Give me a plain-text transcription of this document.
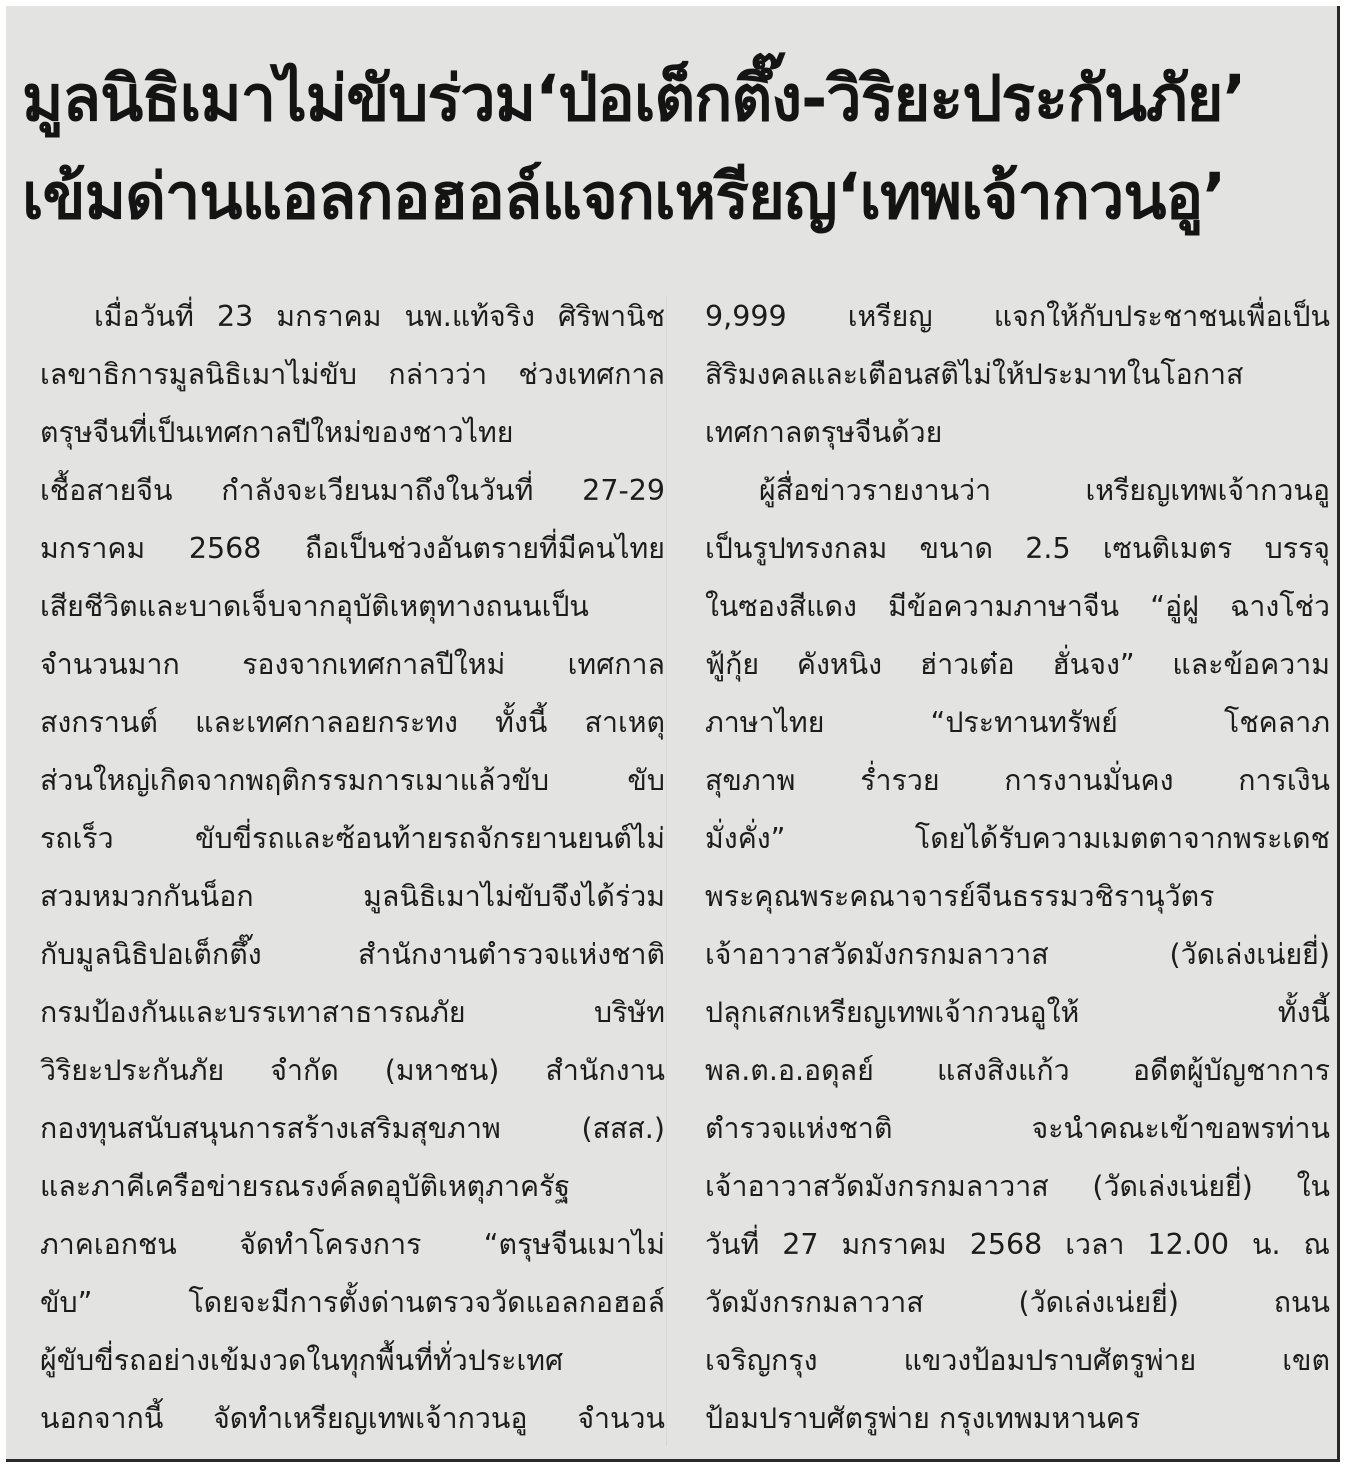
มูลนิธิเมาไม่ขับร่วม‘ป่อเต็กตึ๊ง-วิริยะประกันภัย’
เข้มด่านแอลกอฮอล์แจกเหรียญ‘เทพเจ้ากวนอู’
เมื่อวันที่ 23 มกราคม นพ.แท้จริง ศิริพานิช
เลขาธิการมูลนิธิเมาไม่ขับ กล่าวว่า ช่วงเทศกาล
ตรุษจีนที่เป็นเทศกาลปีใหม่ของชาวไทย
เชื้อสายจีน กำลังจะเวียนมาถึงในวันที่ 27-29
มกราคม 2568 ถือเป็นช่วงอันตรายที่มีคนไทย
เสียชีวิตและบาดเจ็บจากอุบัติเหตุทางถนนเป็น
จำนวนมาก รองจากเทศกาลปีใหม่ เทศกาล
สงกรานต์ และเทศกาลอยกระทง ทั้งนี้ สาเหตุ
ส่วนใหญ่เกิดจากพฤติกรรมการเมาแล้วขับ ขับ
รถเร็ว ขับขี่รถและซ้อนท้ายรถจักรยานยนต์ไม่
สวมหมวกกันน็อก มูลนิธิเมาไม่ขับจึงได้ร่วม
กับมูลนิธิปอเต็กตึ๊ง สำนักงานตำรวจแห่งชาติ
กรมป้องกันและบรรเทาสาธารณภัย บริษัท
วิริยะประกันภัย จำกัด (มหาชน) สำนักงาน
กองทุนสนับสนุนการสร้างเสริมสุขภาพ (สสส.)
และภาคีเครือข่ายรณรงค์ลดอุบัติเหตุภาครัฐ
ภาคเอกชน จัดทำโครงการ “ตรุษจีนเมาไม่
ขับ” โดยจะมีการตั้งด่านตรวจวัดแอลกอฮอล์
ผู้ขับขี่รถอย่างเข้มงวดในทุกพื้นที่ทั่วประเทศ
นอกจากนี้ จัดทำเหรียญเทพเจ้ากวนอู จำนวน
9,999 เหรียญ แจกให้กับประชาชนเพื่อเป็น
สิริมงคลและเตือนสติไม่ให้ประมาทในโอกาส
เทศกาลตรุษจีนด้วย
ผู้สื่อข่าวรายงานว่า เหรียญเทพเจ้ากวนอู
เป็นรูปทรงกลม ขนาด 2.5 เซนติเมตร บรรจุ
ในซองสีแดง มีข้อความภาษาจีน “อู่ฝู ฉางโช่ว
ฟู้กุ้ย คังหนิง ฮ่าวเต๋อ ฮั่นจง” และข้อความ
ภาษาไทย “ประทานทรัพย์ โชคลาภ
สุขภาพ ร่ำรวย การงานมั่นคง การเงิน
มั่งคั่ง” โดยได้รับความเมตตาจากพระเดช
พระคุณพระคณาจารย์จีนธรรมวชิรานุวัตร
เจ้าอาวาสวัดมังกรกมลาวาส (วัดเล่งเน่ยยี่)
ปลุกเสกเหรียญเทพเจ้ากวนอูให้ ทั้งนี้
พล.ต.อ.อดุลย์ แสงสิงแก้ว อดีตผู้บัญชาการ
ตำรวจแห่งชาติ จะนำคณะเข้าขอพรท่าน
เจ้าอาวาสวัดมังกรกมลาวาส (วัดเล่งเน่ยยี่) ใน
วันที่ 27 มกราคม 2568 เวลา 12.00 น. ณ
วัดมังกรกมลาวาส (วัดเล่งเน่ยยี่) ถนน
เจริญกรุง แขวงป้อมปราบศัตรูพ่าย เขต
ป้อมปราบศัตรูพ่าย กรุงเทพมหานคร
